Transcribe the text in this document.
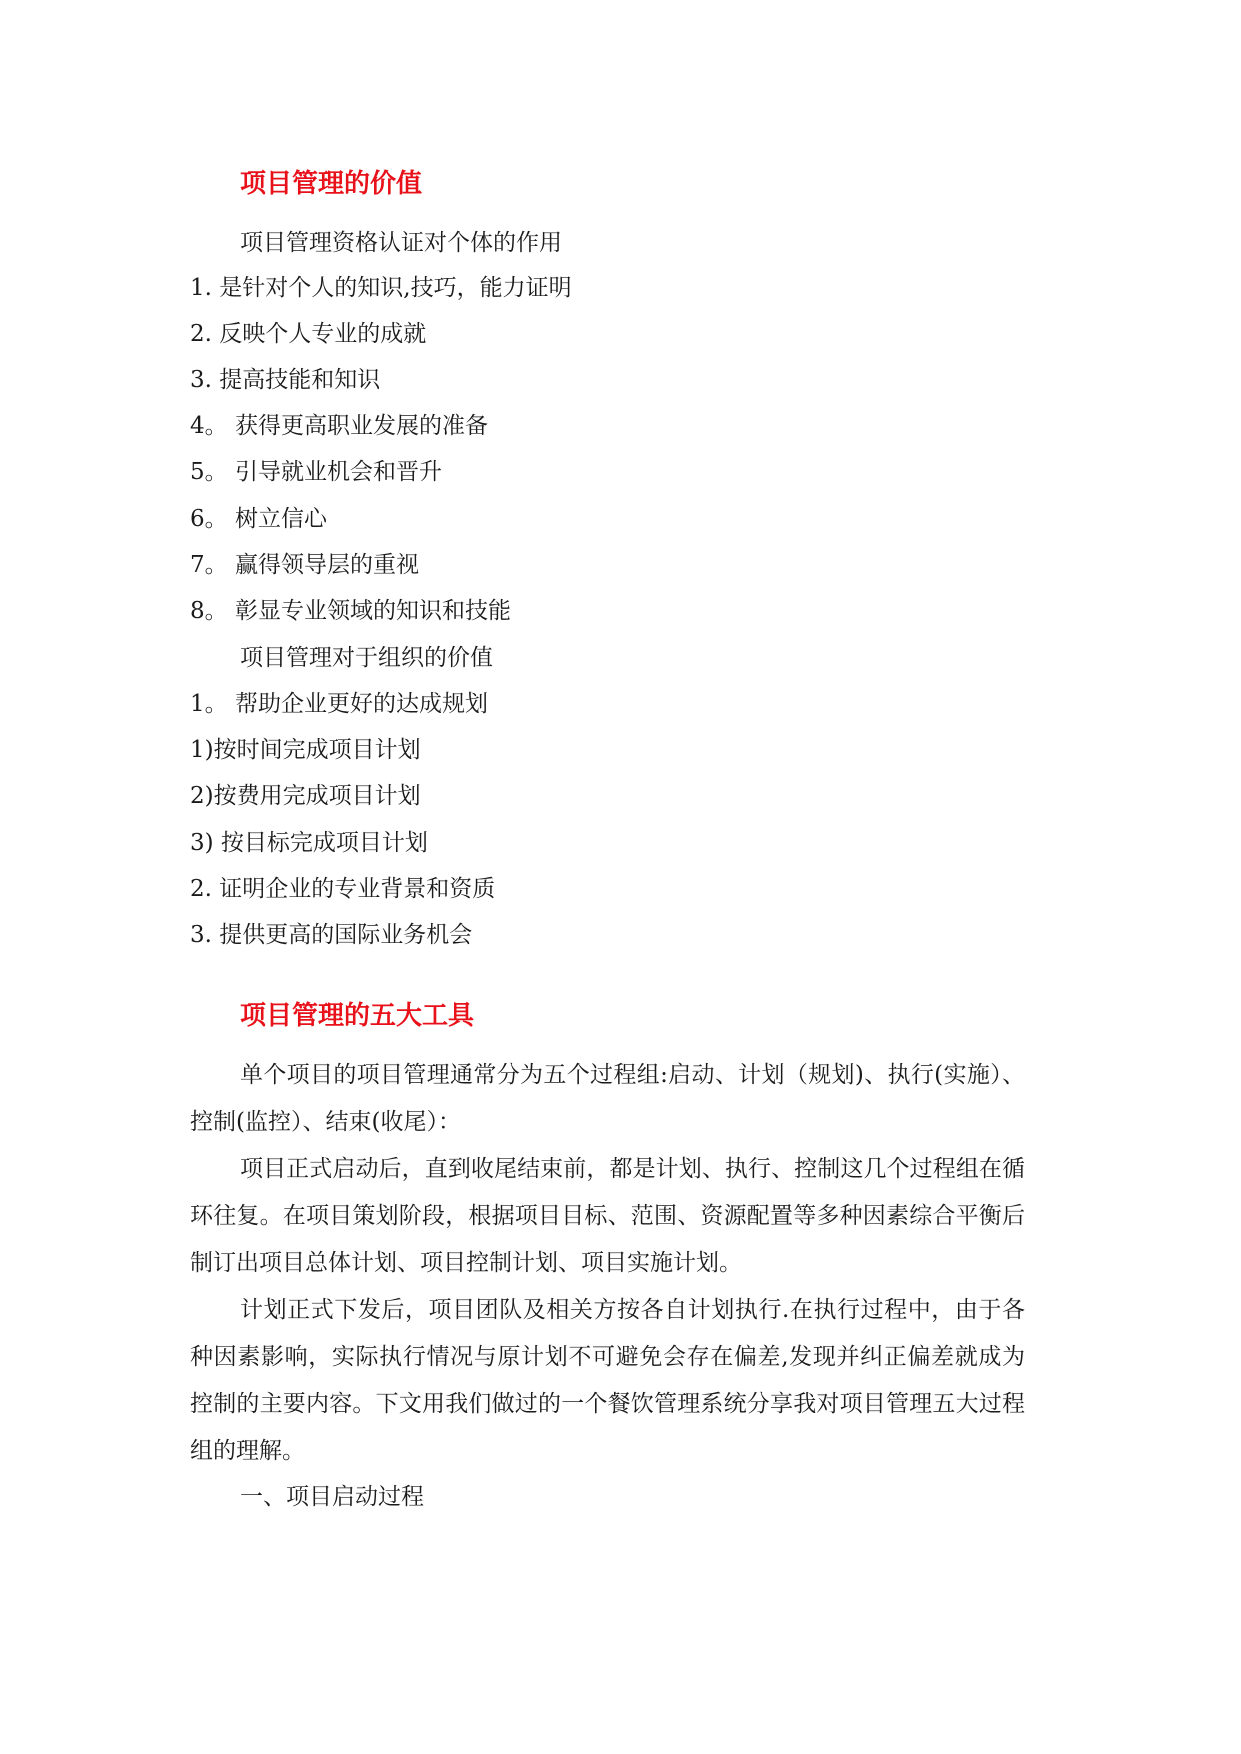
项目管理的价值
项目管理资格认证对个体的作用
1. 是针对个人的知识,技巧，能力证明
2. 反映个人专业的成就
3. 提高技能和知识
4。 获得更高职业发展的准备
5。 引导就业机会和晋升
6。 树立信心
7。 赢得领导层的重视
8。 彰显专业领域的知识和技能
项目管理对于组织的价值
1。 帮助企业更好的达成规划
1)按时间完成项目计划
2)按费用完成项目计划
3) 按目标完成项目计划
2. 证明企业的专业背景和资质
3. 提供更高的国际业务机会
项目管理的五大工具
单个项目的项目管理通常分为五个过程组:启动、计划（规划)、执行(实施）、控制(监控）、结束(收尾）：
项目正式启动后，直到收尾结束前，都是计划、执行、控制这几个过程组在循环往复。在项目策划阶段，根据项目目标、范围、资源配置等多种因素综合平衡后制订出项目总体计划、项目控制计划、项目实施计划。
计划正式下发后，项目团队及相关方按各自计划执行.在执行过程中，由于各种因素影响，实际执行情况与原计划不可避免会存在偏差,发现并纠正偏差就成为控制的主要内容。下文用我们做过的一个餐饮管理系统分享我对项目管理五大过程组的理解。
一、项目启动过程
